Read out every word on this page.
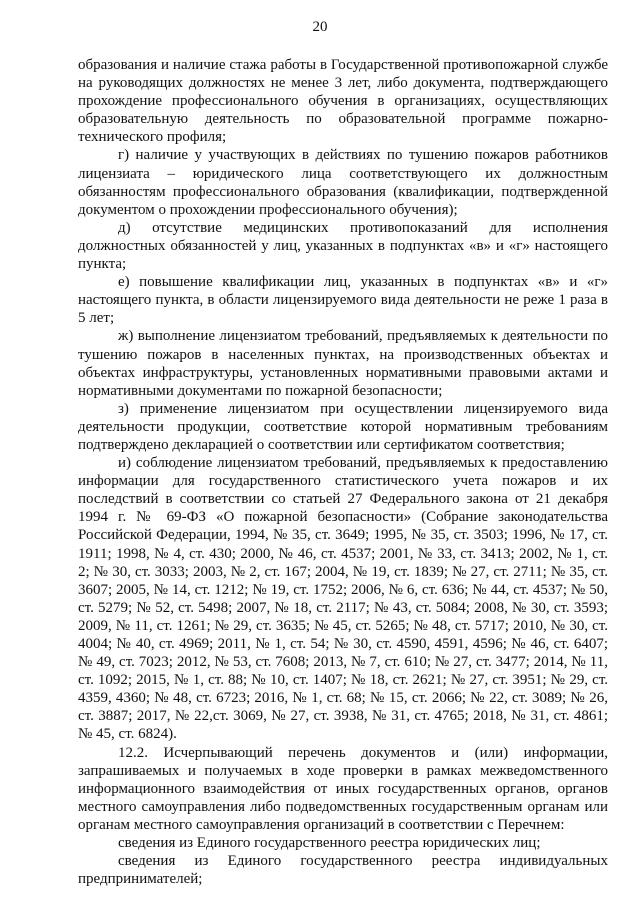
20

образования и наличие стажа работы в Государственной противопожарной службе на руководящих должностях не менее 3 лет, либо документа, подтверждающего прохождение профессионального обучения в организациях, осуществляющих образовательную деятельность по образовательной программе пожарно-технического профиля;

г) наличие у участвующих в действиях по тушению пожаров работников лицензиата – юридического лица соответствующего их должностным обязанностям профессионального образования (квалификации, подтвержденной документом о прохождении профессионального обучения);

д) отсутствие медицинских противопоказаний для исполнения должностных обязанностей у лиц, указанных в подпунктах «в» и «г» настоящего пункта;

е) повышение квалификации лиц, указанных в подпунктах «в» и «г» настоящего пункта, в области лицензируемого вида деятельности не реже 1 раза в 5 лет;

ж) выполнение лицензиатом требований, предъявляемых к деятельности по тушению пожаров в населенных пунктах, на производственных объектах и объектах инфраструктуры, установленных нормативными правовыми актами и нормативными документами по пожарной безопасности;

з) применение лицензиатом при осуществлении лицензируемого вида деятельности продукции, соответствие которой нормативным требованиям подтверждено декларацией о соответствии или сертификатом соответствия;

и) соблюдение лицензиатом требований, предъявляемых к предоставлению информации для государственного статистического учета пожаров и их последствий в соответствии со статьей 27 Федерального закона от 21 декабря 1994 г. № 69-ФЗ «О пожарной безопасности» (Собрание законодательства Российской Федерации, 1994, № 35, ст. 3649; 1995, № 35, ст. 3503; 1996, № 17, ст. 1911; 1998, № 4, ст. 430; 2000, № 46, ст. 4537; 2001, № 33, ст. 3413; 2002, № 1, ст. 2; № 30, ст. 3033; 2003, № 2, ст. 167; 2004, № 19, ст. 1839; № 27, ст. 2711; № 35, ст. 3607; 2005, № 14, ст. 1212; № 19, ст. 1752; 2006, № 6, ст. 636; № 44, ст. 4537; № 50, ст. 5279; № 52, ст. 5498; 2007, № 18, ст. 2117; № 43, ст. 5084; 2008, № 30, ст. 3593; 2009, № 11, ст. 1261; № 29, ст. 3635; № 45, ст. 5265; № 48, ст. 5717; 2010, № 30, ст. 4004; № 40, ст. 4969; 2011, № 1, ст. 54; № 30, ст. 4590, 4591, 4596; № 46, ст. 6407; № 49, ст. 7023; 2012, № 53, ст. 7608; 2013, № 7, ст. 610; № 27, ст. 3477; 2014, № 11, ст. 1092; 2015, № 1, ст. 88; № 10, ст. 1407; № 18, ст. 2621; № 27, ст. 3951; № 29, ст. 4359, 4360; № 48, ст. 6723; 2016, № 1, ст. 68; № 15, ст. 2066; № 22, ст. 3089; № 26, ст. 3887; 2017, № 22,ст. 3069, № 27, ст. 3938, № 31, ст. 4765; 2018, № 31, ст. 4861; № 45, ст. 6824).

12.2. Исчерпывающий перечень документов и (или) информации, запрашиваемых и получаемых в ходе проверки в рамках межведомственного информационного взаимодействия от иных государственных органов, органов местного самоуправления либо подведомственных государственным органам или органам местного самоуправления организаций в соответствии с Перечнем:

сведения из Единого государственного реестра юридических лиц;

сведения из Единого государственного реестра индивидуальных предпринимателей;
